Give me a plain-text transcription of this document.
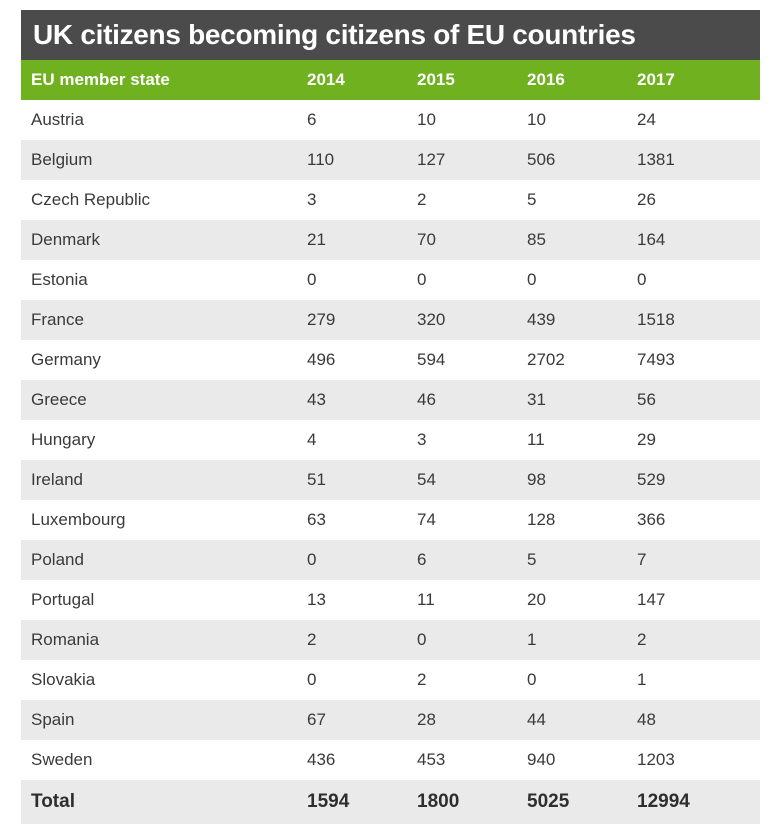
UK citizens becoming citizens of EU countries
EU member state	2014	2015	2016	2017
Austria	6	10	10	24
Belgium	110	127	506	1381
Czech Republic	3	2	5	26
Denmark	21	70	85	164
Estonia	0	0	0	0
France	279	320	439	1518
Germany	496	594	2702	7493
Greece	43	46	31	56
Hungary	4	3	11	29
Ireland	51	54	98	529
Luxembourg	63	74	128	366
Poland	0	6	5	7
Portugal	13	11	20	147
Romania	2	0	1	2
Slovakia	0	2	0	1
Spain	67	28	44	48
Sweden	436	453	940	1203
Total	1594	1800	5025	12994
